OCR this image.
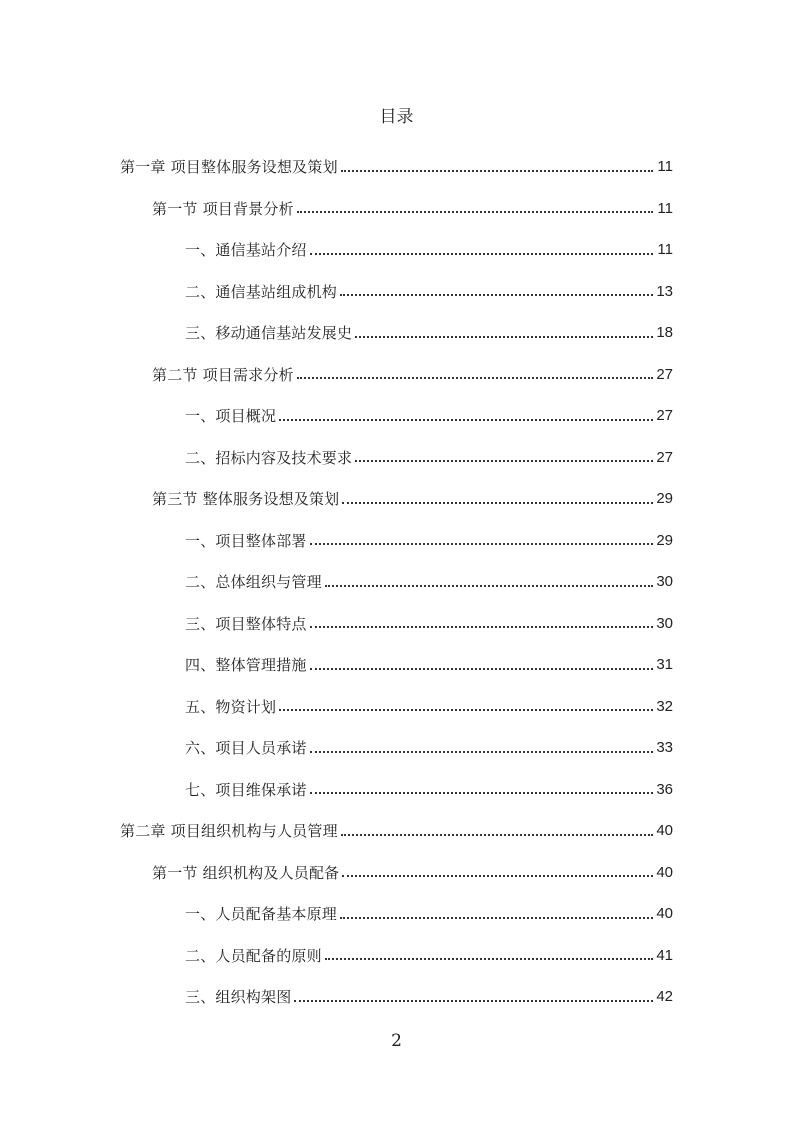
目录
第一章 项目整体服务设想及策划	11
第一节 项目背景分析	11
一、通信基站介绍	11
二、通信基站组成机构	13
三、移动通信基站发展史	18
第二节 项目需求分析	27
一、项目概况	27
二、招标内容及技术要求	27
第三节 整体服务设想及策划	29
一、项目整体部署	29
二、总体组织与管理	30
三、项目整体特点	30
四、整体管理措施	31
五、物资计划	32
六、项目人员承诺	33
七、项目维保承诺	36
第二章 项目组织机构与人员管理	40
第一节 组织机构及人员配备	40
一、人员配备基本原理	40
二、人员配备的原则	41
三、组织构架图	42
2
